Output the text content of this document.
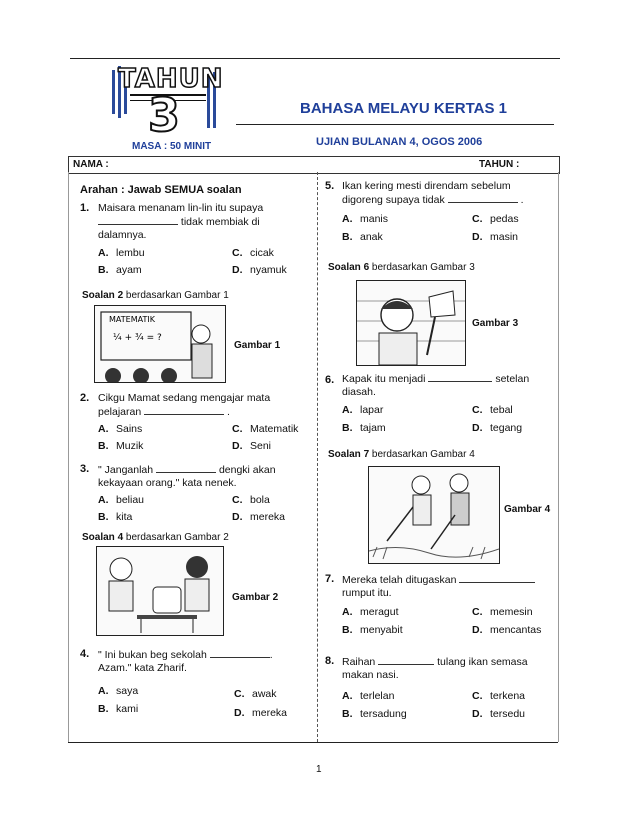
TAHUN
3	BAHASA MELAYU KERTAS 1
UJIAN BULANAN 4, OGOS 2006
MASA : 50 MINIT
NAMA :	TAHUN :
Arahan : Jawab SEMUA soalan
1. Maisara menanam lin-lin itu supaya
tidak membiak di
dalamnya.
A. lembu	C. cicak
B. ayam	D. nyamuk
Soalan 2 berdasarkan Gambar 1
MATEMATIK
¼ + ¾ = ?
Gambar 1
2. Cikgu Mamat sedang mengajar mata
pelajaran	.
A. Sains	C. Matematik
B. Muzik	D. Seni
3. " Janganlah	dengki akan
kekayaan orang." kata nenek.
A. beliau	C. bola
B. kita	D. mereka
Soalan 4 berdasarkan Gambar 2
Gambar 2
4. " Ini bukan beg sekolah	.
Azam." kata Zharif.
A. saya	C. awak
B. kami	D. mereka
5. Ikan kering mesti direndam sebelum
digoreng supaya tidak	.
A. manis	C. pedas
B. anak	D. masin
Soalan 6 berdasarkan Gambar 3
Gambar 3
6. Kapak itu menjadi	setelan
diasah.
A. lapar	C. tebal
B. tajam	D. tegang
Soalan 7 berdasarkan Gambar 4
Gambar 4
7. Mereka telah ditugaskan
rumput itu.
A. meragut	C. memesin
B. menyabit	D. mencantas
8. Raihan	tulang ikan semasa
makan nasi.
A. terlelan	C. terkena
B. tersadung	D. tersedu
1
